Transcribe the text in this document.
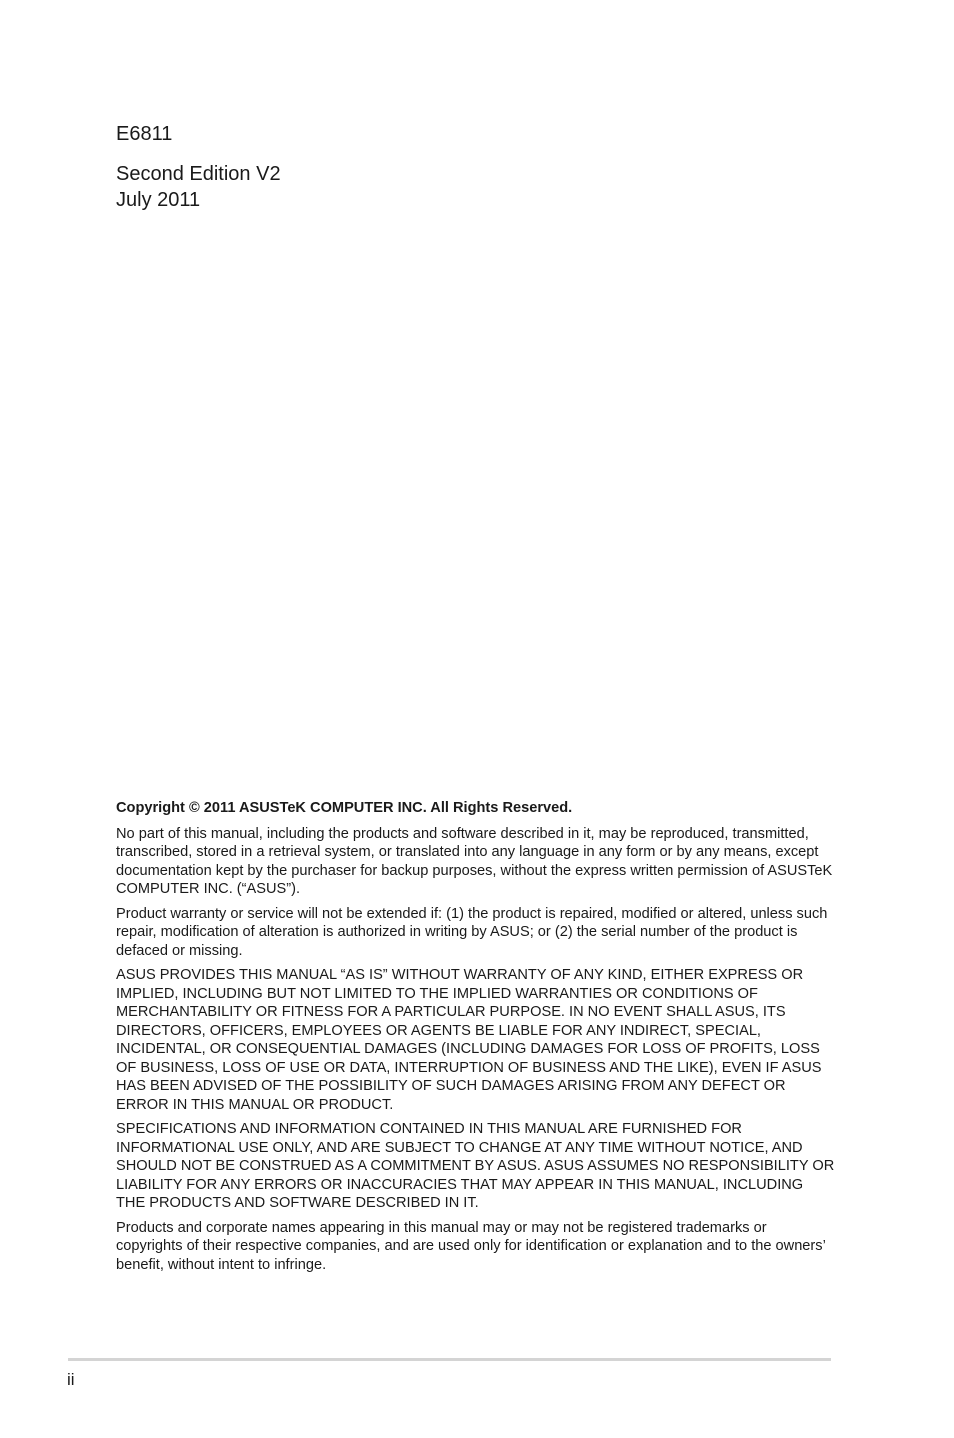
E6811

Second Edition V2

July 2011

Copyright © 2011 ASUSTeK COMPUTER INC. All Rights Reserved.

No part of this manual, including the products and software described in it, may be reproduced, transmitted, transcribed, stored in a retrieval system, or translated into any language in any form or by any means, except documentation kept by the purchaser for backup purposes, without the express written permission of ASUSTeK COMPUTER INC. (“ASUS”).

Product warranty or service will not be extended if: (1) the product is repaired, modified or altered, unless such repair, modification of alteration is authorized in writing by ASUS; or (2) the serial number of the product is defaced or missing.

ASUS PROVIDES THIS MANUAL “AS IS” WITHOUT WARRANTY OF ANY KIND, EITHER EXPRESS OR IMPLIED, INCLUDING BUT NOT LIMITED TO THE IMPLIED WARRANTIES OR CONDITIONS OF MERCHANTABILITY OR FITNESS FOR A PARTICULAR PURPOSE. IN NO EVENT SHALL ASUS, ITS DIRECTORS, OFFICERS, EMPLOYEES OR AGENTS BE LIABLE FOR ANY INDIRECT, SPECIAL, INCIDENTAL, OR CONSEQUENTIAL DAMAGES (INCLUDING DAMAGES FOR LOSS OF PROFITS, LOSS OF BUSINESS, LOSS OF USE OR DATA, INTERRUPTION OF BUSINESS AND THE LIKE), EVEN IF ASUS HAS BEEN ADVISED OF THE POSSIBILITY OF SUCH DAMAGES ARISING FROM ANY DEFECT OR ERROR IN THIS MANUAL OR PRODUCT.

SPECIFICATIONS AND INFORMATION CONTAINED IN THIS MANUAL ARE FURNISHED FOR INFORMATIONAL USE ONLY, AND ARE SUBJECT TO CHANGE AT ANY TIME WITHOUT NOTICE, AND SHOULD NOT BE CONSTRUED AS A COMMITMENT BY ASUS. ASUS ASSUMES NO RESPONSIBILITY OR LIABILITY FOR ANY ERRORS OR INACCURACIES THAT MAY APPEAR IN THIS MANUAL, INCLUDING THE PRODUCTS AND SOFTWARE DESCRIBED IN IT.

Products and corporate names appearing in this manual may or may not be registered trademarks or copyrights of their respective companies, and are used only for identification or explanation and to the owners’ benefit, without intent to infringe.

ii
